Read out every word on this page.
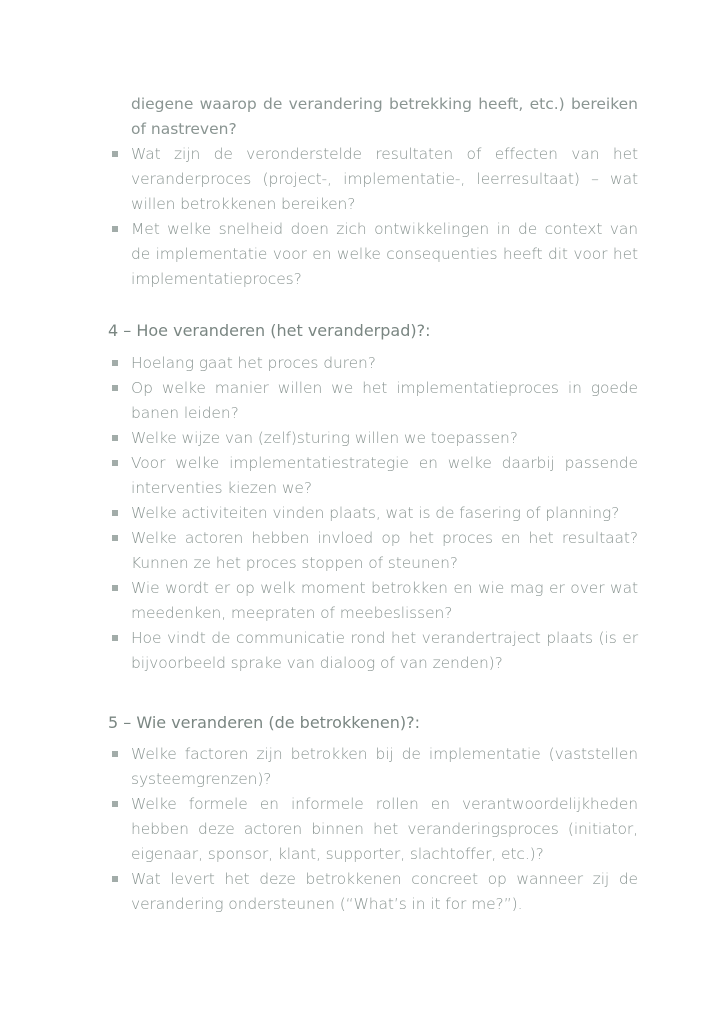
diegene waarop de verandering betrekking heeft, etc.) bereiken of nastreven?
Wat zijn de veronderstelde resultaten of effecten van het veranderproces (project-, implementatie-, leerresultaat) – wat willen betrokkenen bereiken?
Met welke snelheid doen zich ontwikkelingen in de context van de implementatie voor en welke consequenties heeft dit voor het implementatieproces?
4 – Hoe veranderen (het veranderpad)?:
Hoelang gaat het proces duren?
Op welke manier willen we het implementatieproces in goede banen leiden?
Welke wijze van (zelf)sturing willen we toepassen?
Voor welke implementatiestrategie en welke daarbij passende interventies kiezen we?
Welke activiteiten vinden plaats, wat is de fasering of planning?
Welke actoren hebben invloed op het proces en het resultaat? Kunnen ze het proces stoppen of steunen?
Wie wordt er op welk moment betrokken en wie mag er over wat meedenken, meepraten of meebeslissen?
Hoe vindt de communicatie rond het verandertraject plaats (is er bijvoorbeeld sprake van dialoog of van zenden)?
5 – Wie veranderen (de betrokkenen)?:
Welke factoren zijn betrokken bij de implementatie (vaststellen systeemgrenzen)?
Welke formele en informele rollen en verantwoordelijkheden hebben deze actoren binnen het veranderingsproces (initiator, eigenaar, sponsor, klant, supporter, slachtoffer, etc.)?
Wat levert het deze betrokkenen concreet op wanneer zij de verandering ondersteunen (“What’s in it for me?”).
